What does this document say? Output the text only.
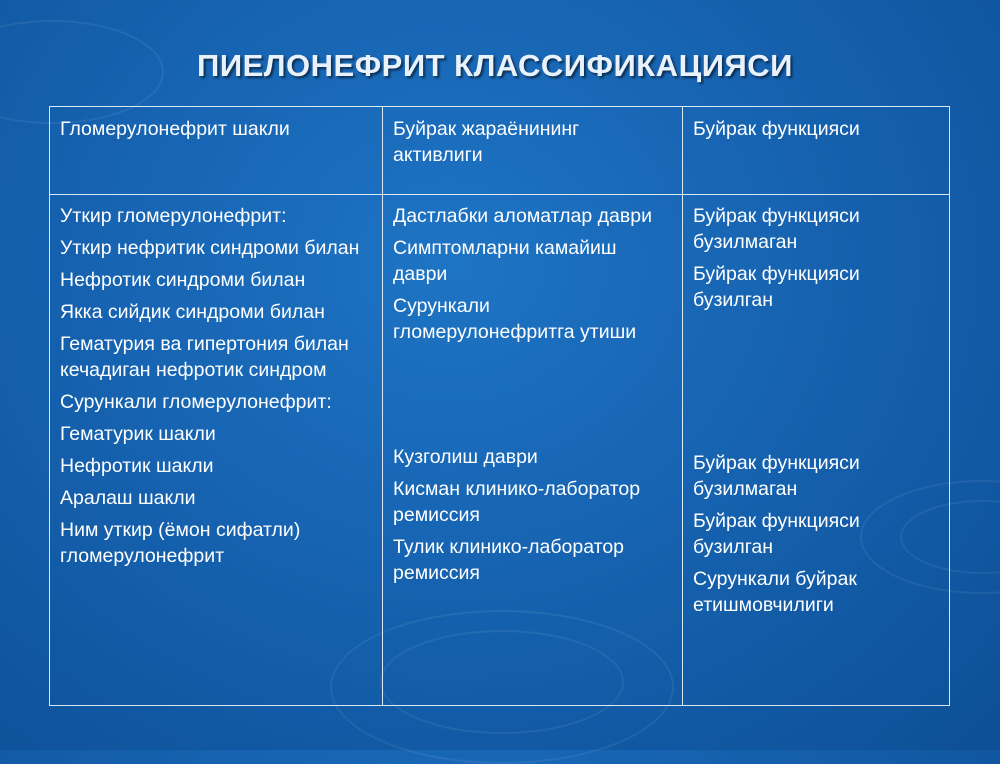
ПИЕЛОНЕФРИТ КЛАССИФИКАЦИЯСИ

Гломерулонефрит шакли	Буйрак жараёнининг активлиги

Буйрак функцияси

Уткир гломерулонефрит:

Уткир нефритик синдроми билан

Нефротик синдроми билан

Якка сийдик синдроми билан

Гематурия ва гипертония билан кечадиган нефротик синдром

Сурункали гломерулонефрит:

Гематурик шакли

Нефротик шакли

Аралаш шакли

Ним уткир (ёмон сифатли) гломерулонефрит

Дастлабки аломатлар даври

Симптомларни камайиш даври

Сурункали гломерулонефритга утиши

Кузголиш даври

Кисман клинико-лаборатор ремиссия

Тулик клинико-лаборатор ремиссия

Буйрак функцияси бузилмаган

Буйрак функцияси бузилган

Буйрак функцияси бузилмаган

Буйрак функцияси бузилган

Сурункали буйрак етишмовчилиги
